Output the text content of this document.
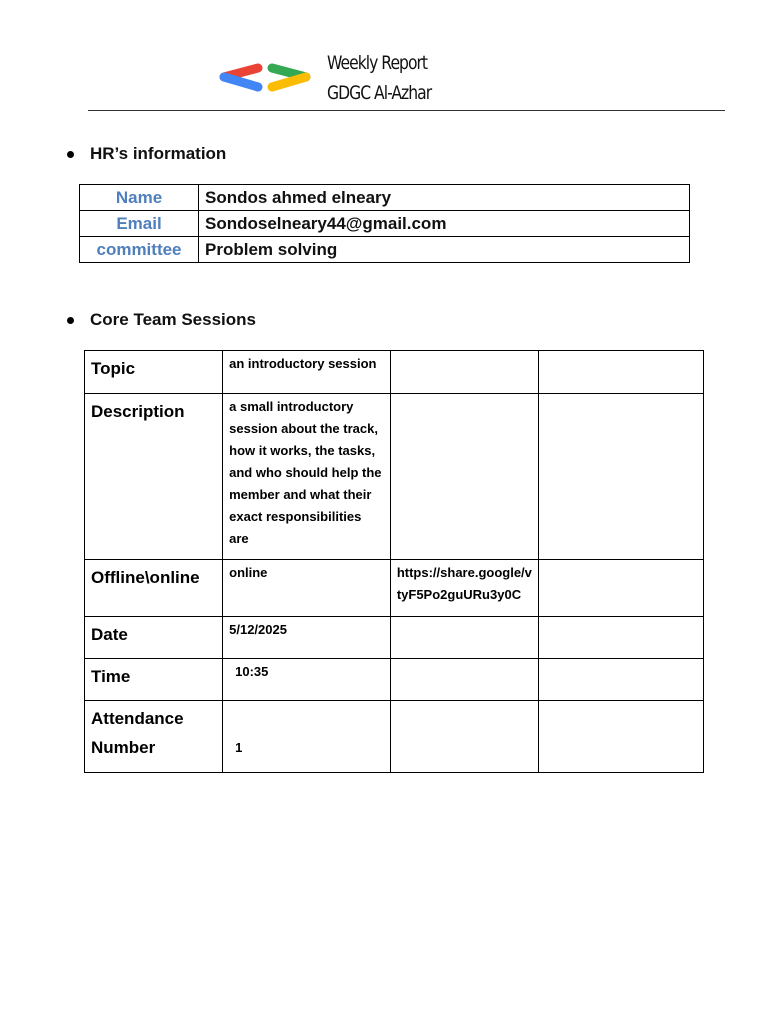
Weekly Report
GDGC Al-Azhar
HR’s information
Name	Sondos ahmed elneary
Email	Sondoselneary44@gmail.com
committee	Problem solving
Core Team Sessions
Topic	an introductory session		
Description	a small introductory session about the track, how it works, the tasks, and who should help the member and what their exact responsibilities are		
Offline\online	online	https://share.google/vtyF5Po2guURu3y0C	
Date	5/12/2025		
Time	10:35		
Attendance Number	1		
